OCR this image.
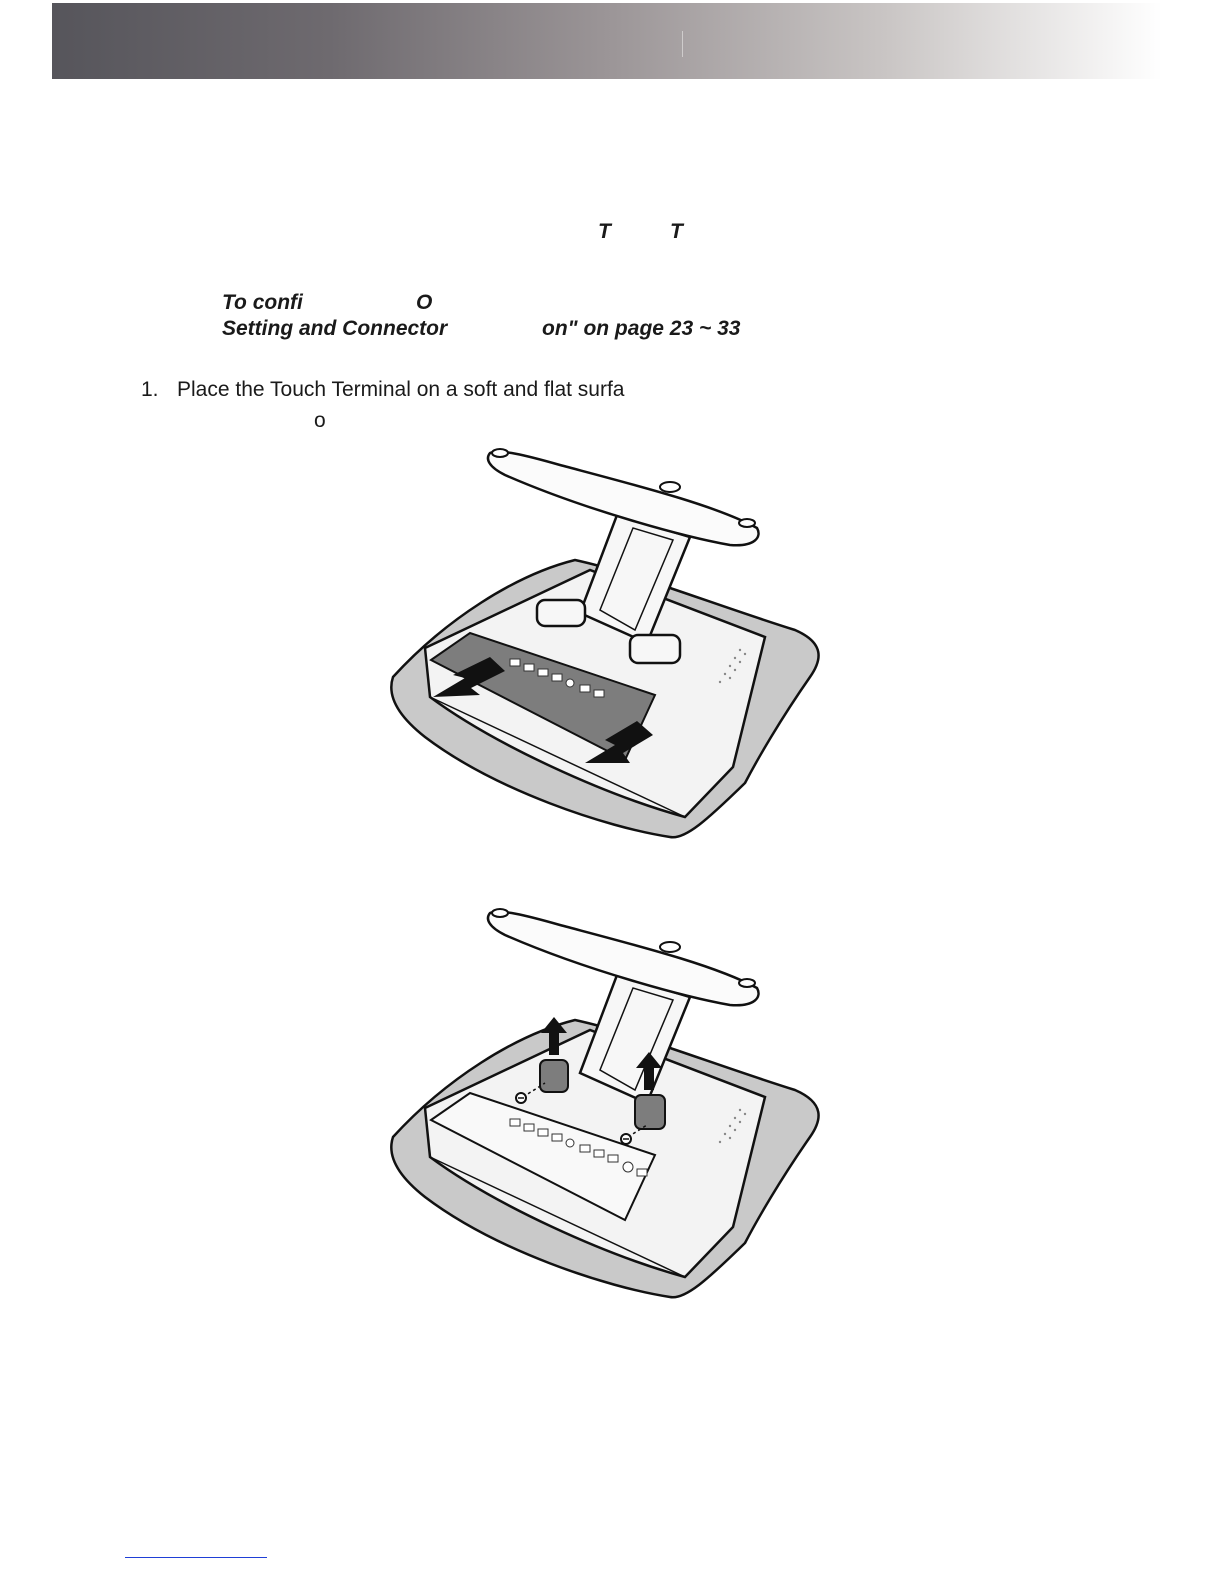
T	T
To confi	O
Setting and Connector	on" on page 23 ~ 33
1. Place the Touch Terminal on a soft and flat surfa
o
